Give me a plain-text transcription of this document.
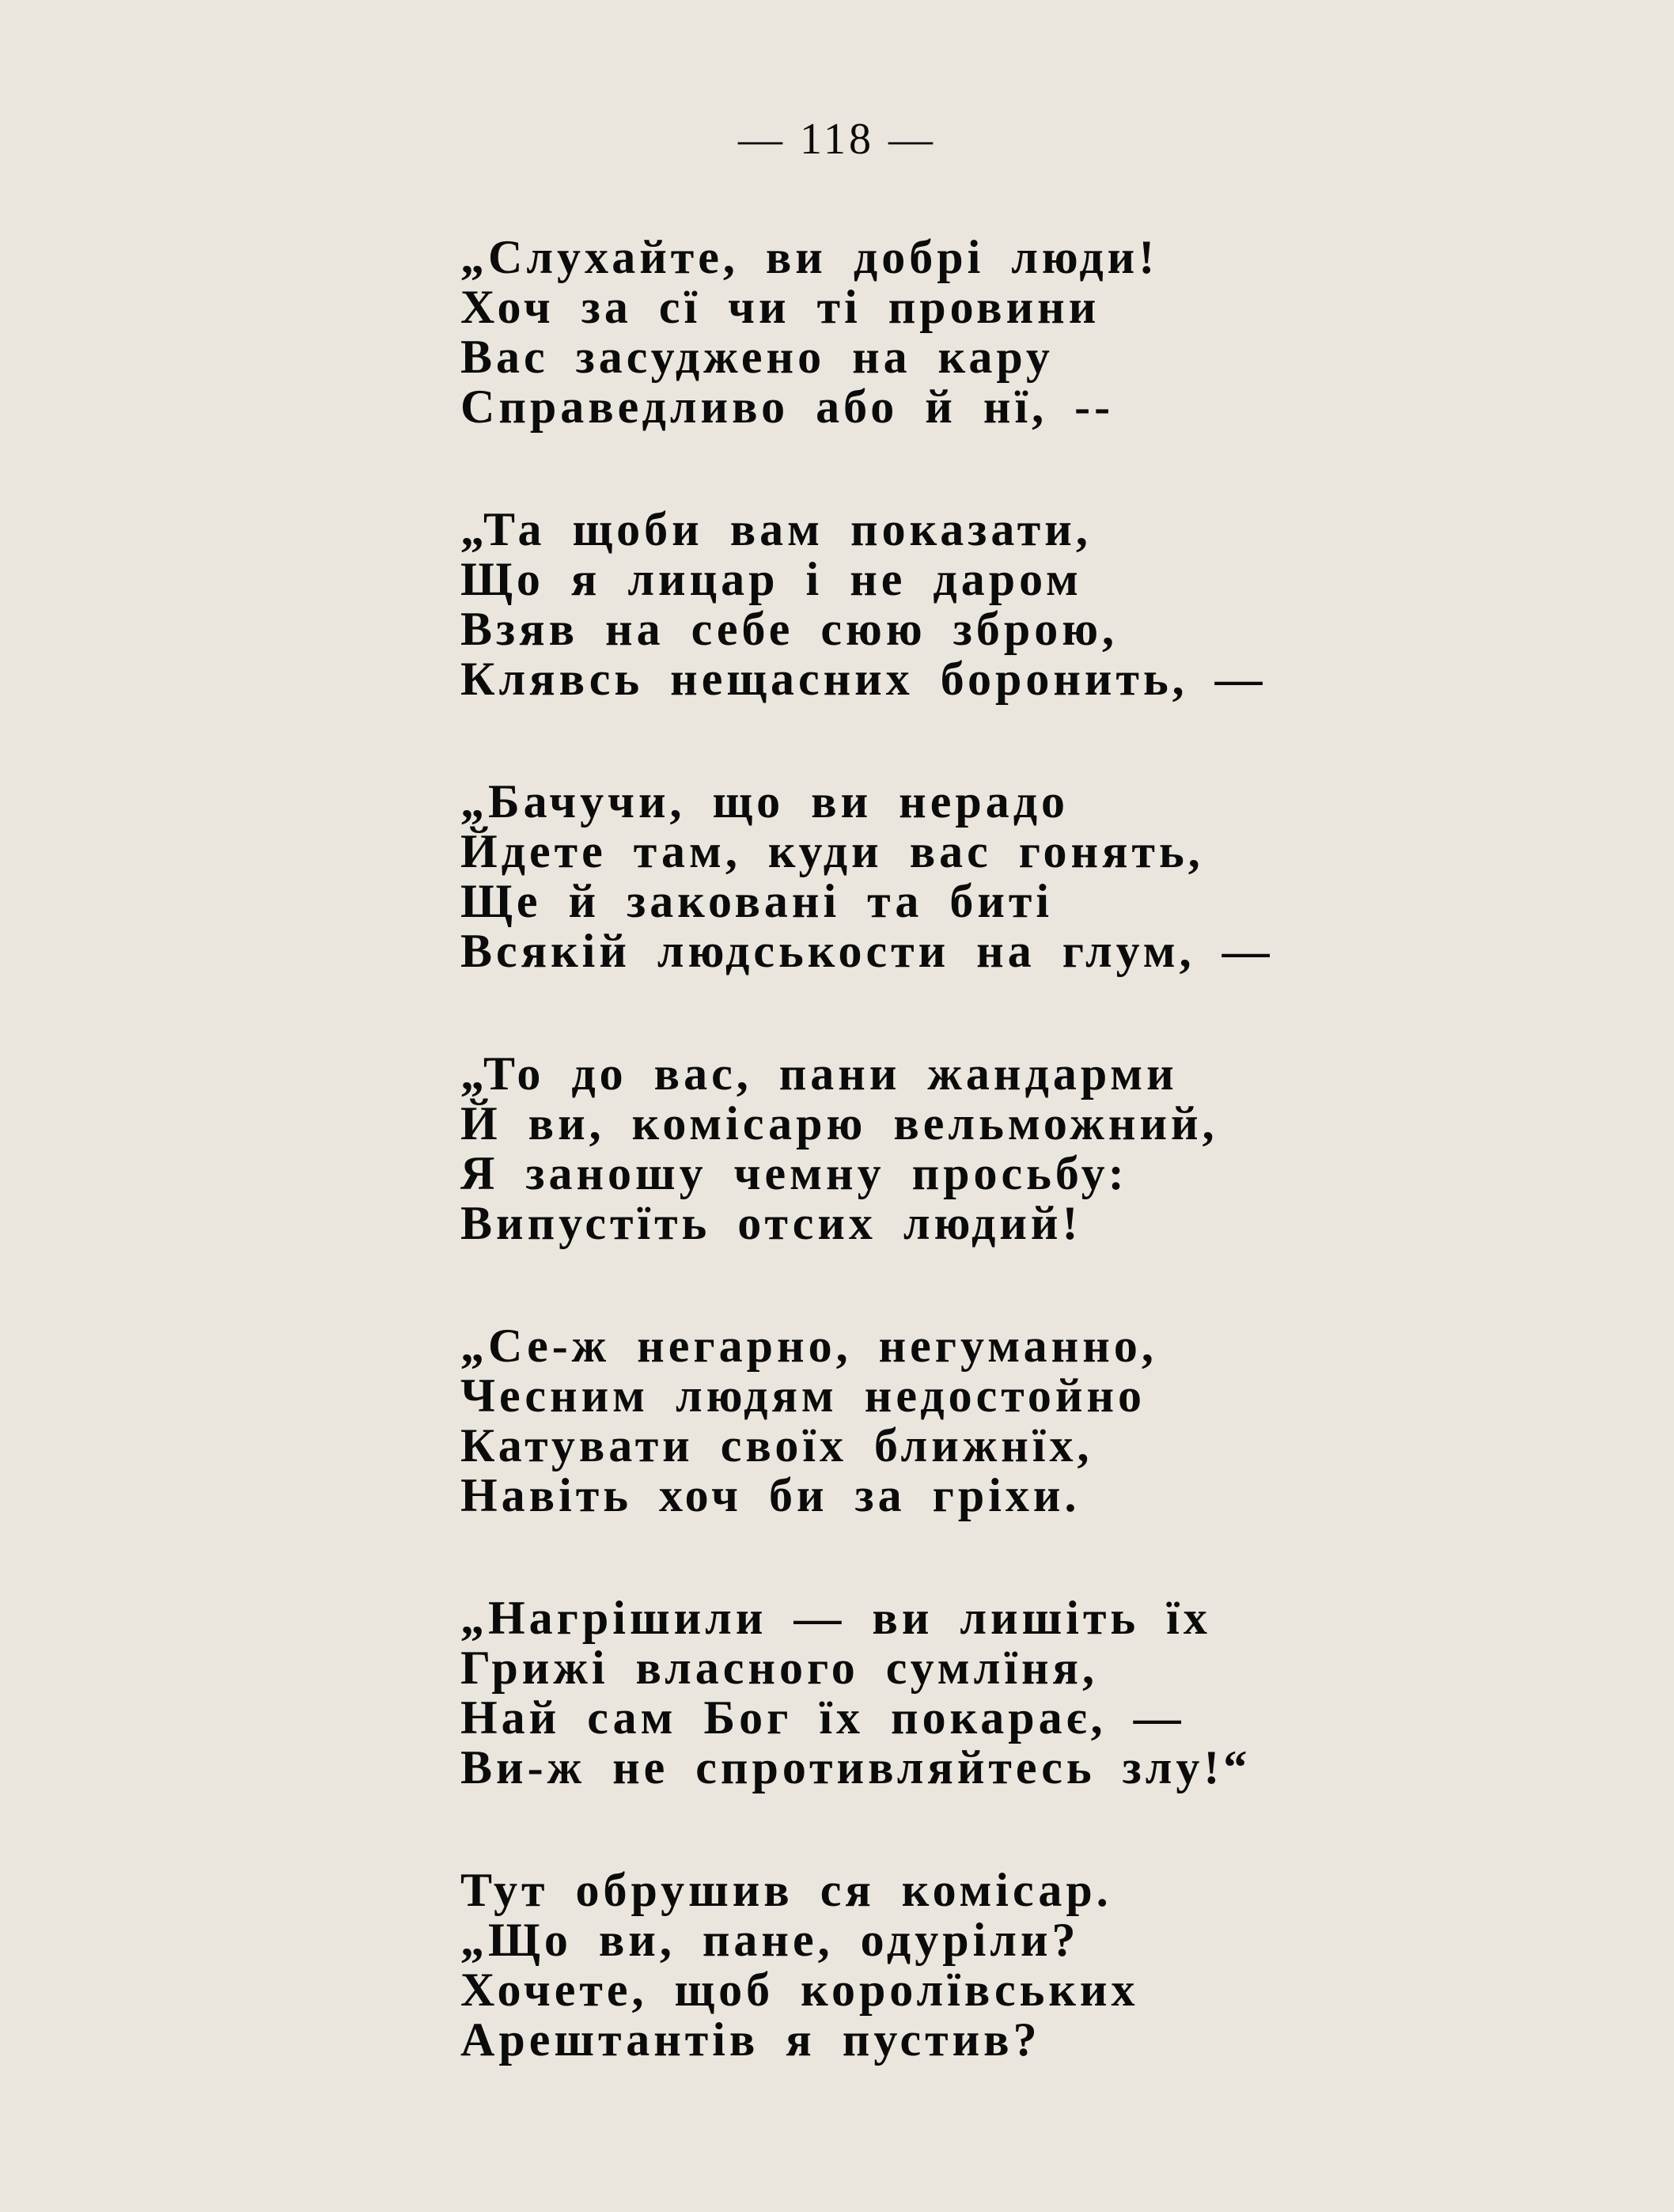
— 118 —
„Слухайте, ви добрі люди!
Хоч за сї чи ті провини
Вас засуджено на кару
Справедливо або й нї, --
„Та щоби вам показати,
Що я лицар і не даром
Взяв на себе сюю зброю,
Клявсь нещасних боронить, —
„Бачучи, що ви нерадо
Йдете там, куди вас гонять,
Ще й заковані та биті
Всякій людськости на глум, —
„То до вас, пани жандарми
Й ви, комісарю вельможний,
Я заношу чемну просьбу:
Випустїть отсих людий!
„Се-ж негарно, негуманно,
Чесним людям недостойно
Катувати своїх ближнїх,
Навіть хоч би за гріхи.
„Нагрішили — ви лишіть їх
Грижі власного сумлїня,
Най сам Бог їх покарає, —
Ви-ж не спротивляйтесь злу!“
Тут обрушив ся комісар.
„Що ви, пане, одуріли?
Хочете, щоб королївських
Арештантів я пустив?
